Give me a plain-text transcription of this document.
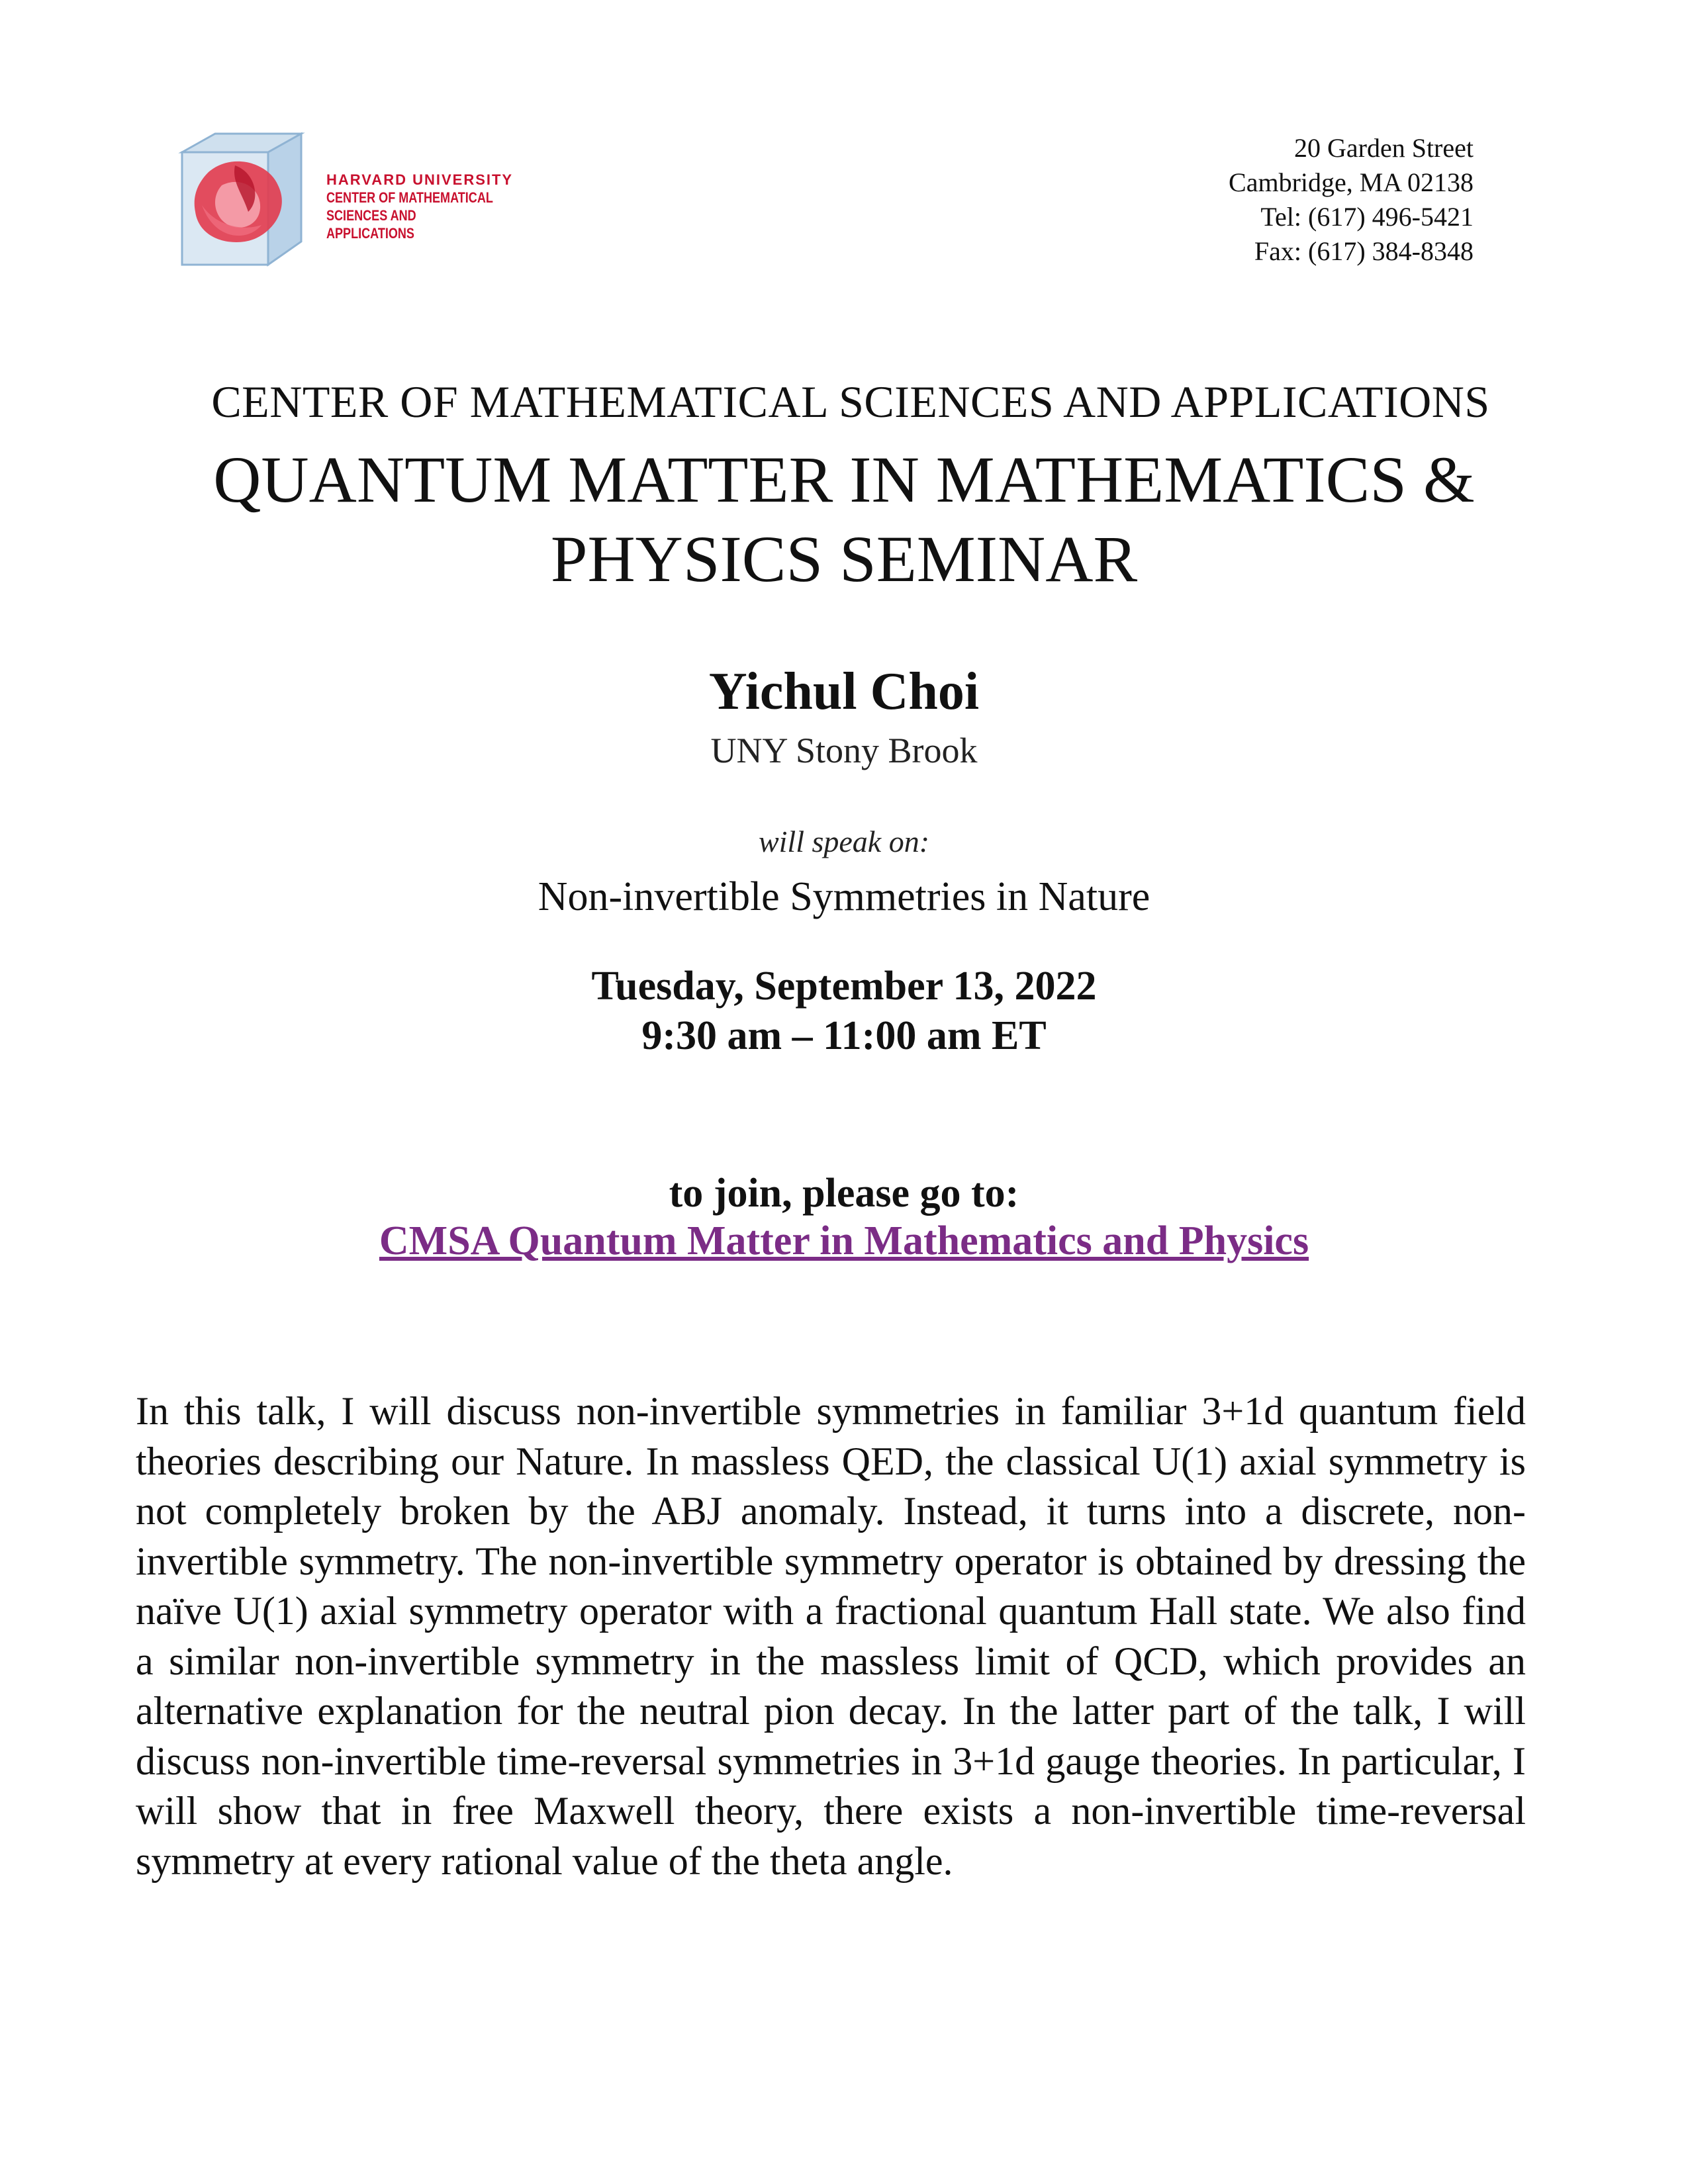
HARVARD UNIVERSITY
CENTER OF MATHEMATICAL
SCIENCES AND APPLICATIONS
20 Garden Street
Cambridge, MA 02138
Tel: (617) 496-5421
Fax: (617) 384-8348
CENTER OF MATHEMATICAL SCIENCES AND APPLICATIONS
QUANTUM MATTER IN MATHEMATICS &
PHYSICS SEMINAR
Yichul Choi
UNY Stony Brook
will speak on:
Non-invertible Symmetries in Nature
Tuesday, September 13, 2022
9:30 am – 11:00 am ET
to join, please go to:
CMSA Quantum Matter in Mathematics and Physics
In this talk, I will discuss non-invertible symmetries in familiar 3+1d quantum field theories describing our Nature. In massless QED, the classical U(1) axial symmetry is not completely broken by the ABJ anomaly. Instead, it turns into a discrete, non-invertible symmetry. The non-invertible symmetry operator is obtained by dressing the naïve U(1) axial symmetry operator with a fractional quantum Hall state. We also find a similar non-invertible symmetry in the massless limit of QCD, which provides an alternative explanation for the neutral pion decay. In the latter part of the talk, I will discuss non-invertible time-reversal symmetries in 3+1d gauge theories. In particular, I will show that in free Maxwell theory, there exists a non-invertible time-reversal symmetry at every rational value of the theta angle.
